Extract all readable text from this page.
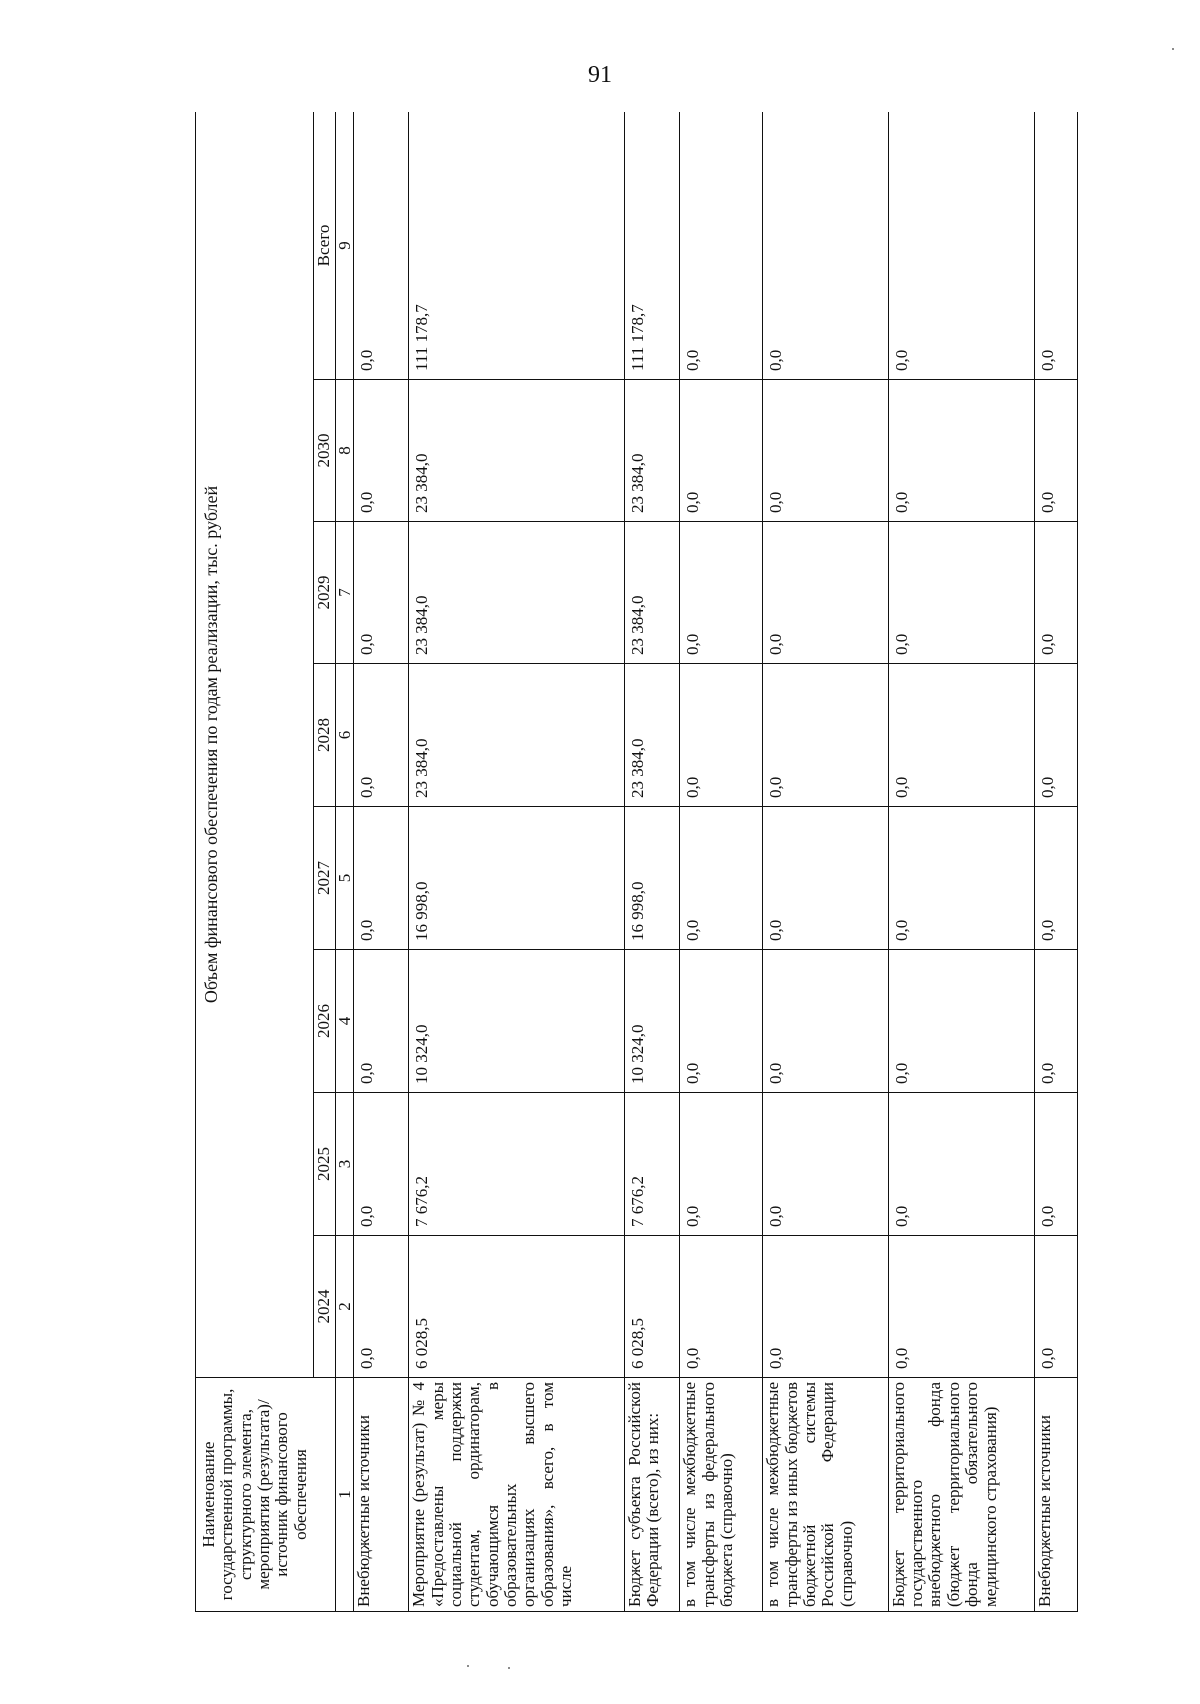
91
Наименование государственной программы, структурного элемента, мероприятия (результата)/источник финансового обеспечения	Объем финансового обеспечения по годам реализации, тыс. рублей							
	2024	2025	2026	2027	2028	2029	2030	Всего
1	2	3	4	5	6	7	8	9
Внебюджетные источники	0,0	0,0	0,0	0,0	0,0	0,0	0,0	0,0
Мероприятие (результат) № 4 «Предоставлены меры социальной поддержки студентам, ординаторам, обучающимся в образовательных организациях высшего образования», всего, в том числе	6 028,5	7 676,2	10 324,0	16 998,0	23 384,0	23 384,0	23 384,0	111 178,7
Бюджет субъекта Российской Федерации (всего), из них:	6 028,5	7 676,2	10 324,0	16 998,0	23 384,0	23 384,0	23 384,0	111 178,7
в том числе межбюджетные трансферты из федерального бюджета (справочно)	0,0	0,0	0,0	0,0	0,0	0,0	0,0	0,0
в том числе межбюджетные трансферты из иных бюджетов бюджетной системы Российской Федерации (справочно)	0,0	0,0	0,0	0,0	0,0	0,0	0,0	0,0
Бюджет территориального государственного внебюджетного фонда (бюджет территориального фонда обязательного медицинского страхования)	0,0	0,0	0,0	0,0	0,0	0,0	0,0	0,0
Внебюджетные источники	0,0	0,0	0,0	0,0	0,0	0,0	0,0	0,0
